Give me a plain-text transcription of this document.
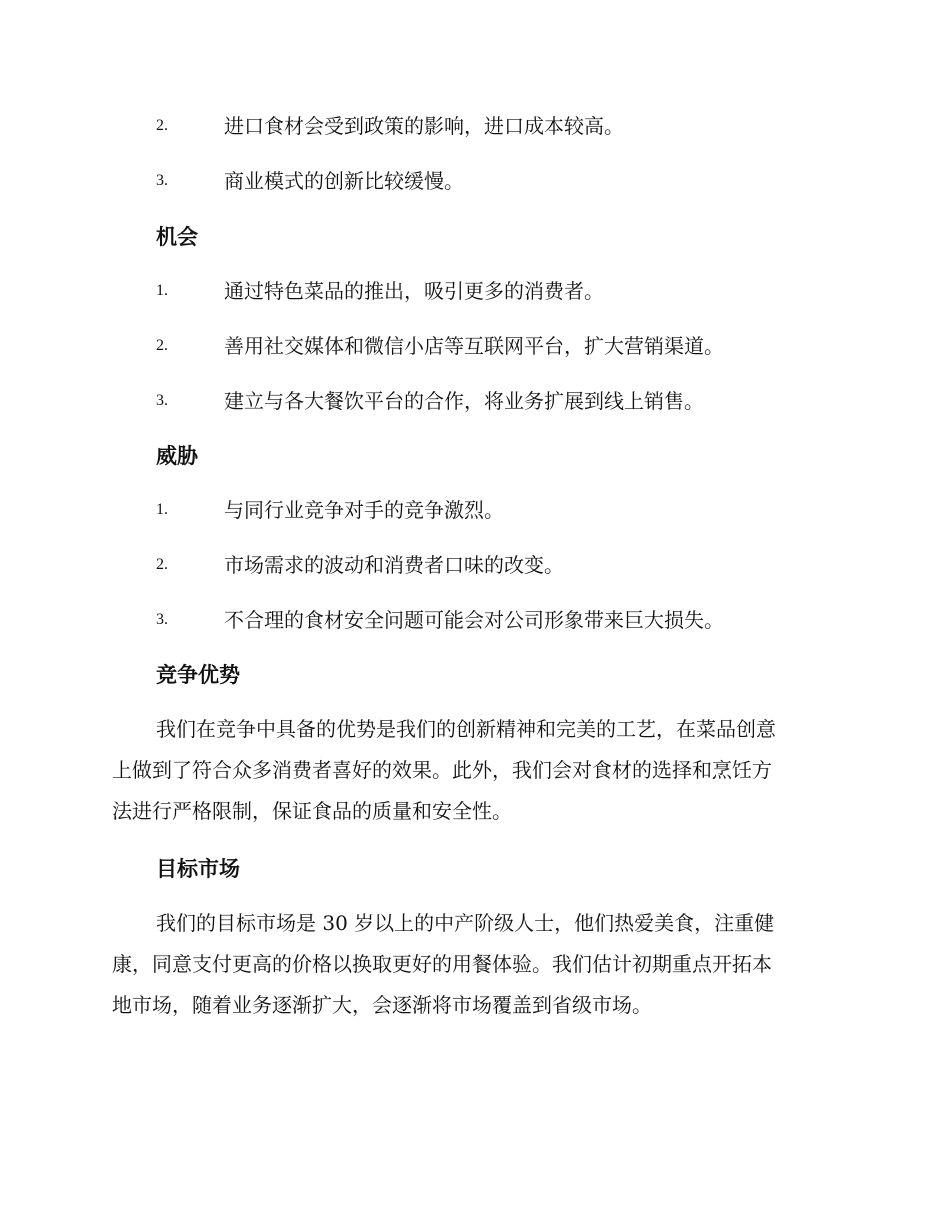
2.	进口食材会受到政策的影响，进口成本较高。
3.	商业模式的创新比较缓慢。
机会
1.	通过特色菜品的推出，吸引更多的消费者。
2.	善用社交媒体和微信小店等互联网平台，扩大营销渠道。
3.	建立与各大餐饮平台的合作，将业务扩展到线上销售。
威胁
1.	与同行业竞争对手的竞争激烈。
2.	市场需求的波动和消费者口味的改变。
3.	不合理的食材安全问题可能会对公司形象带来巨大损失。
竞争优势
我们在竞争中具备的优势是我们的创新精神和完美的工艺，在菜品创意
上做到了符合众多消费者喜好的效果。此外，我们会对食材的选择和烹饪方
法进行严格限制，保证食品的质量和安全性。
目标市场
我们的目标市场是 30 岁以上的中产阶级人士，他们热爱美食，注重健
康，同意支付更高的价格以换取更好的用餐体验。我们估计初期重点开拓本
地市场，随着业务逐渐扩大，会逐渐将市场覆盖到省级市场。
